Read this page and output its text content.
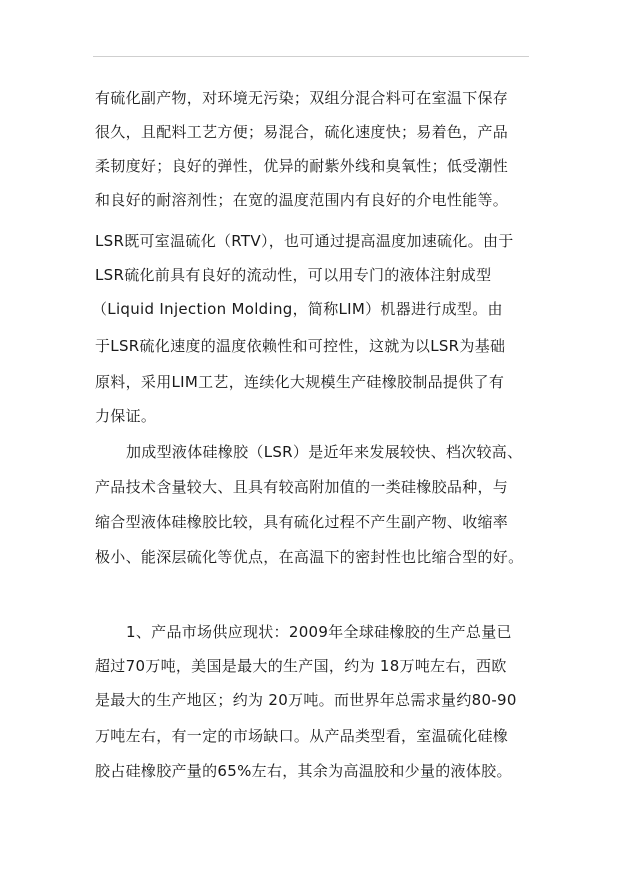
有硫化副产物，对环境无污染；双组分混合料可在室温下保存
很久，且配料工艺方便；易混合，硫化速度快；易着色，产品
柔韧度好；良好的弹性，优异的耐紫外线和臭氧性；低受潮性
和良好的耐溶剂性；在宽的温度范围内有良好的介电性能等。
LSR既可室温硫化（RTV），也可通过提高温度加速硫化。由于
LSR硫化前具有良好的流动性，可以用专门的液体注射成型
（Liquid Injection Molding，简称LIM）机器进行成型。由
于LSR硫化速度的温度依赖性和可控性，这就为以LSR为基础
原料，采用LIM工艺，连续化大规模生产硅橡胶制品提供了有
力保证。
加成型液体硅橡胶（LSR）是近年来发展较快、档次较高、
产品技术含量较大、且具有较高附加值的一类硅橡胶品种，与
缩合型液体硅橡胶比较，具有硫化过程不产生副产物、收缩率
极小、能深层硫化等优点，在高温下的密封性也比缩合型的好。
1、产品市场供应现状：2009年全球硅橡胶的生产总量已
超过70万吨，美国是最大的生产国，约为 18万吨左右，西欧
是最大的生产地区；约为 20万吨。而世界年总需求量约80-90
万吨左右，有一定的市场缺口。从产品类型看，室温硫化硅橡
胶占硅橡胶产量的65%左右，其余为高温胶和少量的液体胶。
